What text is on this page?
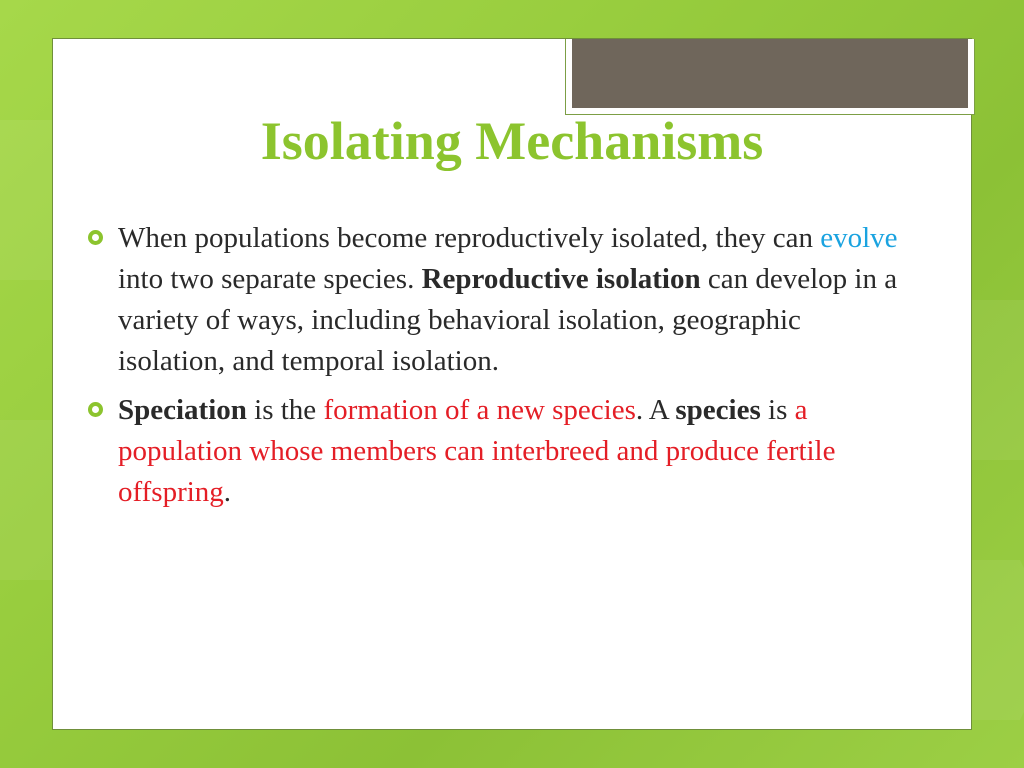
Isolating Mechanisms
When populations become reproductively isolated, they can evolve into two separate species. Reproductive isolation can develop in a variety of ways, including behavioral isolation, geographic isolation, and temporal isolation.
Speciation is the formation of a new species. A species is a population whose members can interbreed and produce fertile offspring.
